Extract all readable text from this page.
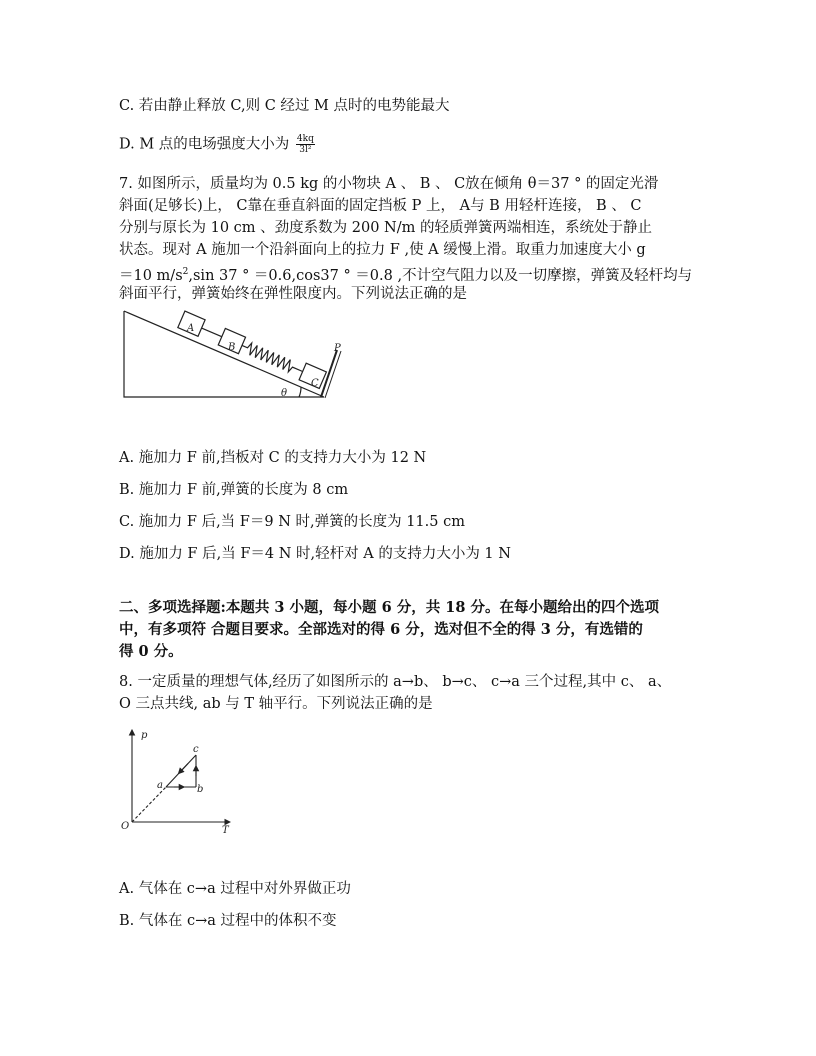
C. 若由静止释放 C,则 C 经过 M 点时的电势能最大
D. M 点的电场强度大小为 $\frac{4kq}{\text{3l²}}$
7. 如图所示，质量均为 0.5 kg 的小物块 A 、 B 、 C放在倾角 θ＝37 ° 的固定光滑
斜面(足够长)上， C靠在垂直斜面的固定挡板 P 上， A与 B 用轻杆连接， B 、 C
分别与原长为 10 cm 、劲度系数为 200 N/m 的轻质弹簧两端相连，系统处于静止
状态。现对 A 施加一个沿斜面向上的拉力 F ,使 A 缓慢上滑。取重力加速度大小 g
＝10 $m/s^2,\sin$ 37 ° ＝0.6,cos37 ° ＝0.8 ,不计空气阻力以及一切摩擦，弹簧及轻杆均与
斜面平行，弹簧始终在弹性限度内。下列说法正确的是
A
B
C
P
θ
A. 施加力 F 前,挡板对 C 的支持力大小为 12 N
B. 施加力 F 前,弹簧的长度为 8 cm
C. 施加力 F 后,当 F＝9 N 时,弹簧的长度为 11.5 cm
D. 施加力 F 后,当 F＝4 N 时,轻杆对 A 的支持力大小为 1 N
二、多项选择题:本题共 3 小题，每小题 6 分，共 18 分。在每小题给出的四个选项
中，有多项符 合题目要求。全部选对的得 6 分，选对但不全的得 3 分，有选错的
得 0 分。
8. 一定质量的理想气体,经历了如图所示的 a→b、 b→c、 c→a 三个过程,其中 c、 a、
O 三点共线, ab 与 T 轴平行。下列说法正确的是
p
T
O
a	b
c
A. 气体在 c→a 过程中对外界做正功
B. 气体在 c→a 过程中的体积不变
